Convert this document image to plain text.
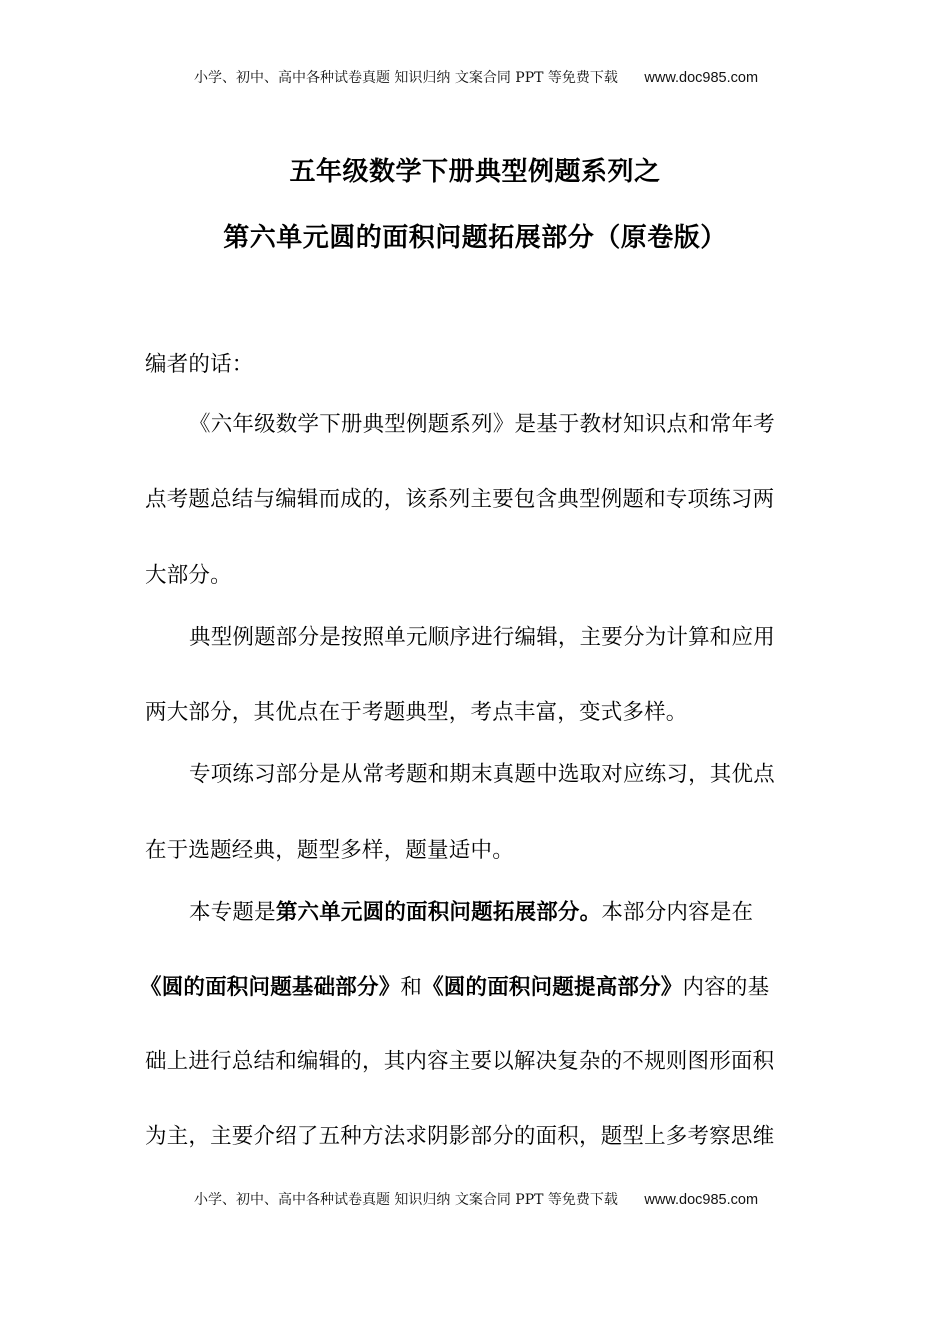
小学、初中、高中各种试卷真题 知识归纳 文案合同 PPT 等免费下载 www.doc985.com
五年级数学下册典型例题系列之
第六单元圆的面积问题拓展部分（原卷版）
编者的话：
《六年级数学下册典型例题系列》是基于教材知识点和常年考
点考题总结与编辑而成的，该系列主要包含典型例题和专项练习两
大部分。
典型例题部分是按照单元顺序进行编辑，主要分为计算和应用
两大部分，其优点在于考题典型，考点丰富，变式多样。
专项练习部分是从常考题和期末真题中选取对应练习，其优点
在于选题经典，题型多样，题量适中。
本专题是第六单元圆的面积问题拓展部分。本部分内容是在
《圆的面积问题基础部分》和《圆的面积问题提高部分》内容的基
础上进行总结和编辑的，其内容主要以解决复杂的不规则图形面积
为主，主要介绍了五种方法求阴影部分的面积，题型上多考察思维
小学、初中、高中各种试卷真题 知识归纳 文案合同 PPT 等免费下载 www.doc985.com
